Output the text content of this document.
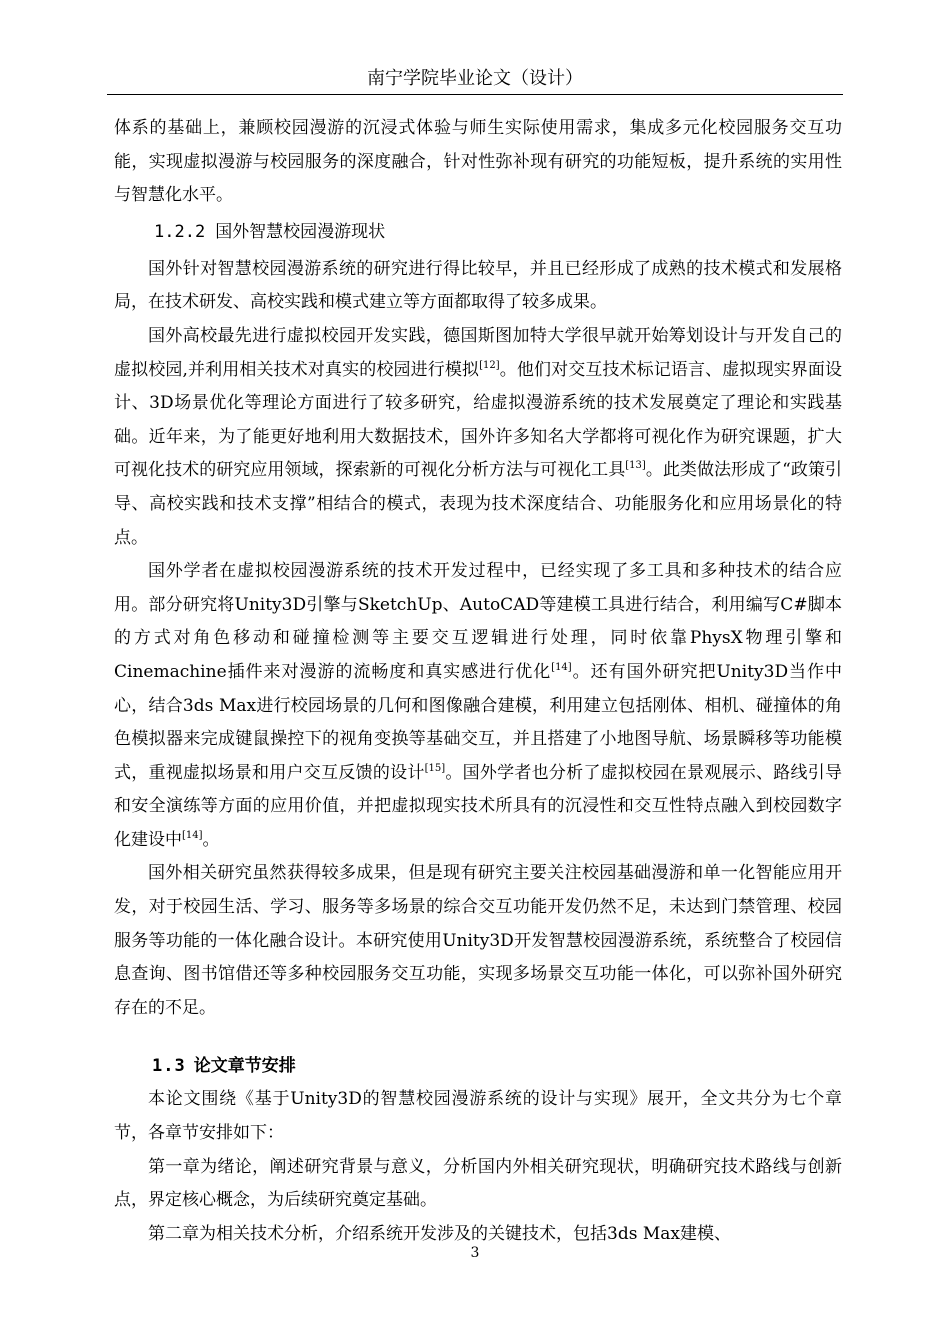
南宁学院毕业论文（设计）

体系的基础上，兼顾校园漫游的沉浸式体验与师生实际使用需求，集成多元化校园服务交互功能，实现虚拟漫游与校园服务的深度融合，针对性弥补现有研究的功能短板，提升系统的实用性与智慧化水平。

1.2.2 国外智慧校园漫游现状

国外针对智慧校园漫游系统的研究进行得比较早，并且已经形成了成熟的技术模式和发展格局，在技术研发、高校实践和模式建立等方面都取得了较多成果。

国外高校最先进行虚拟校园开发实践，德国斯图加特大学很早就开始筹划设计与开发自己的虚拟校园,并利用相关技术对真实的校园进行模拟[12]。他们对交互技术标记语言、虚拟现实界面设计、3D场景优化等理论方面进行了较多研究，给虚拟漫游系统的技术发展奠定了理论和实践基础。近年来，为了能更好地利用大数据技术，国外许多知名大学都将可视化作为研究课题，扩大可视化技术的研究应用领域，探索新的可视化分析方法与可视化工具[13]。此类做法形成了“政策引导、高校实践和技术支撑”相结合的模式，表现为技术深度结合、功能服务化和应用场景化的特点。

国外学者在虚拟校园漫游系统的技术开发过程中，已经实现了多工具和多种技术的结合应用。部分研究将Unity3D引擎与SketchUp、AutoCAD等建模工具进行结合，利用编写C#脚本的方式对角色移动和碰撞检测等主要交互逻辑进行处理，同时依靠PhysX物理引擎和Cinemachine插件来对漫游的流畅度和真实感进行优化[14]。还有国外研究把Unity3D当作中心，结合3ds Max进行校园场景的几何和图像融合建模，利用建立包括刚体、相机、碰撞体的角色模拟器来完成键鼠操控下的视角变换等基础交互，并且搭建了小地图导航、场景瞬移等功能模式，重视虚拟场景和用户交互反馈的设计[15]。国外学者也分析了虚拟校园在景观展示、路线引导和安全演练等方面的应用价值，并把虚拟现实技术所具有的沉浸性和交互性特点融入到校园数字化建设中[14]。

国外相关研究虽然获得较多成果，但是现有研究主要关注校园基础漫游和单一化智能应用开发，对于校园生活、学习、服务等多场景的综合交互功能开发仍然不足，未达到门禁管理、校园服务等功能的一体化融合设计。本研究使用Unity3D开发智慧校园漫游系统，系统整合了校园信息查询、图书馆借还等多种校园服务交互功能，实现多场景交互功能一体化，可以弥补国外研究存在的不足。

1.3 论文章节安排

本论文围绕《基于Unity3D的智慧校园漫游系统的设计与实现》展开，全文共分为七个章节，各章节安排如下：

第一章为绪论，阐述研究背景与意义，分析国内外相关研究现状，明确研究技术路线与创新点，界定核心概念，为后续研究奠定基础。

第二章为相关技术分析，介绍系统开发涉及的关键技术，包括3ds Max建模、

3
